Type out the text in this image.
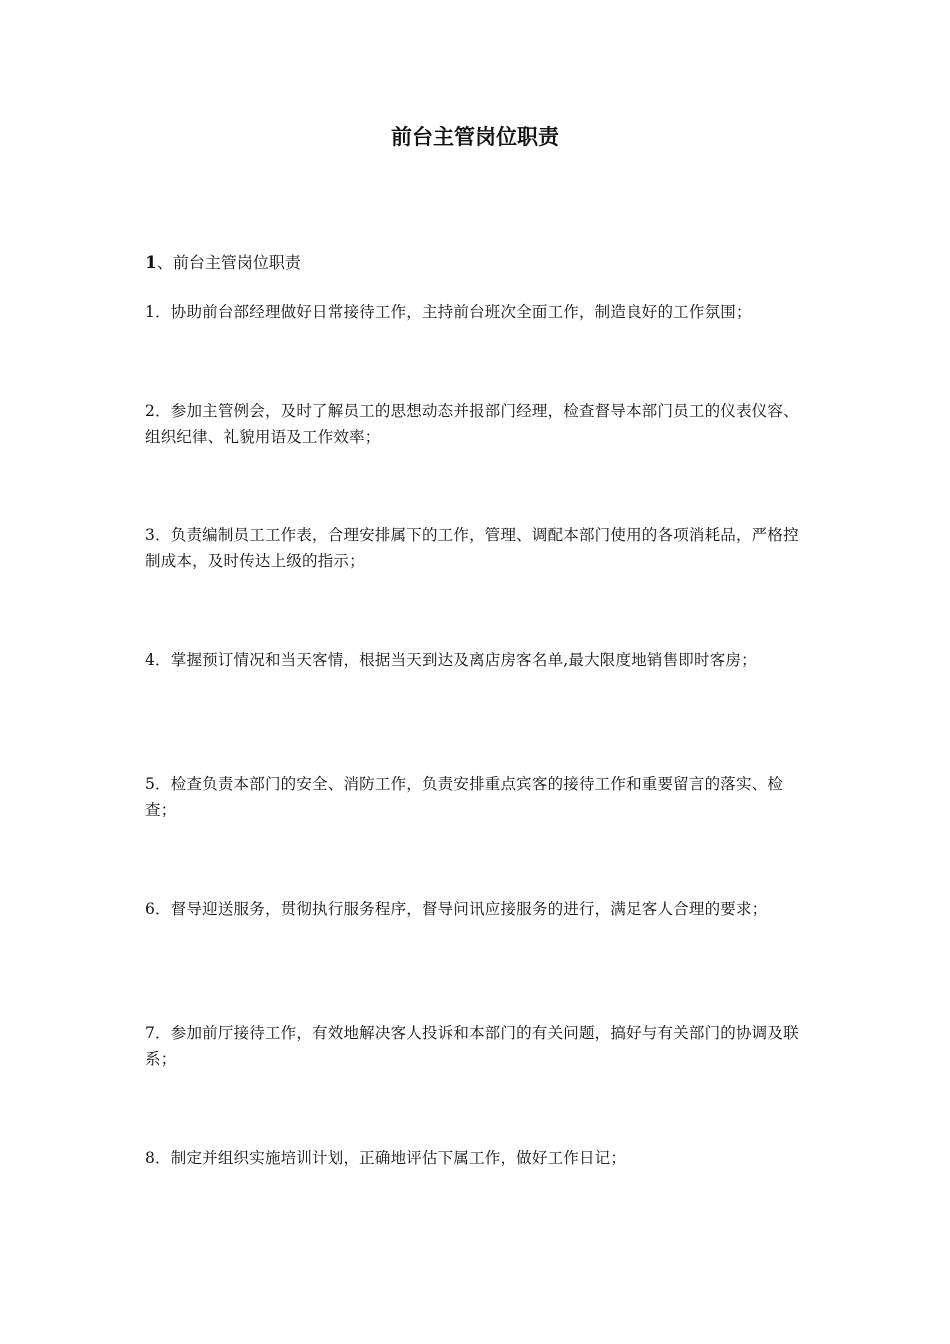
前台主管岗位职责

1、前台主管岗位职责

1．协助前台部经理做好日常接待工作，主持前台班次全面工作，制造良好的工作氛围；

2．参加主管例会，及时了解员工的思想动态并报部门经理，检查督导本部门员工的仪表仪容、组织纪律、礼貌用语及工作效率；

3．负责编制员工工作表，合理安排属下的工作，管理、调配本部门使用的各项消耗品，严格控制成本，及时传达上级的指示；

4．掌握预订情况和当天客情，根据当天到达及离店房客名单,最大限度地销售即时客房；

5．检查负责本部门的安全、消防工作，负责安排重点宾客的接待工作和重要留言的落实、检查；

6．督导迎送服务，贯彻执行服务程序，督导问讯应接服务的进行，满足客人合理的要求；

7．参加前厅接待工作，有效地解决客人投诉和本部门的有关问题，搞好与有关部门的协调及联系；

8．制定并组织实施培训计划，正确地评估下属工作，做好工作日记；
